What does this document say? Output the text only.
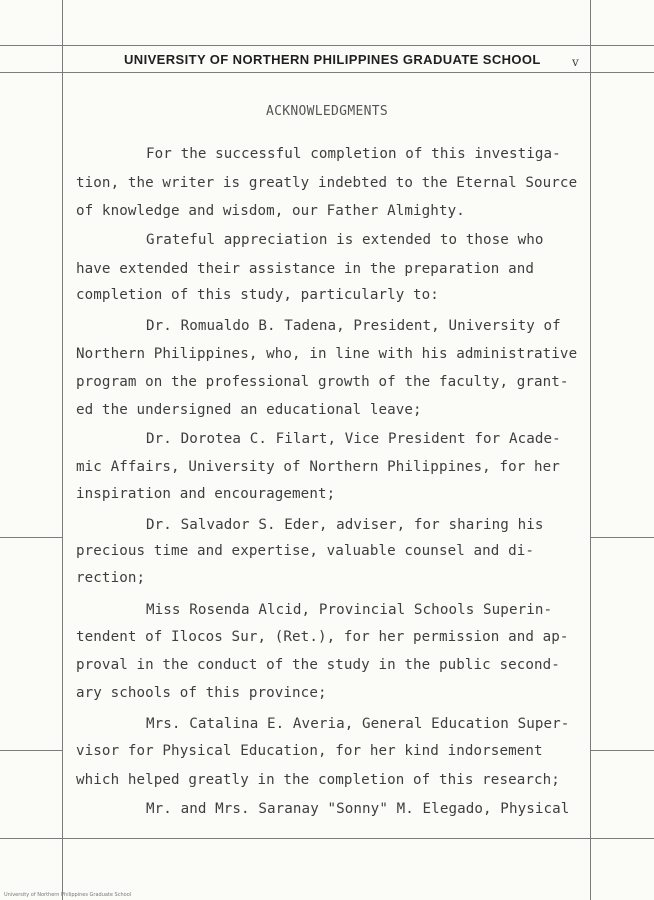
UNIVERSITY OF NORTHERN PHILIPPINES GRADUATE SCHOOL	v
ACKNOWLEDGMENTS
For the successful completion of this investiga-
tion, the writer is greatly indebted to the Eternal Source
of knowledge and wisdom, our Father Almighty.
Grateful appreciation is extended to those who
have extended their assistance in the preparation and
completion of this study, particularly to:
Dr. Romualdo B. Tadena, President, University of
Northern Philippines, who, in line with his administrative
program on the professional growth of the faculty, grant-
ed the undersigned an educational leave;
Dr. Dorotea C. Filart, Vice President for Acade-
mic Affairs, University of Northern Philippines, for her
inspiration and encouragement;
Dr. Salvador S. Eder, adviser, for sharing his
precious time and expertise, valuable counsel and di-
rection;
Miss Rosenda Alcid, Provincial Schools Superin-
tendent of Ilocos Sur, (Ret.), for her permission and ap-
proval in the conduct of the study in the public second-
ary schools of this province;
Mrs. Catalina E. Averia, General Education Super-
visor for Physical Education, for her kind indorsement
which helped greatly in the completion of this research;
Mr. and Mrs. Saranay "Sonny" M. Elegado, Physical
University of Northern Philippines Graduate School
